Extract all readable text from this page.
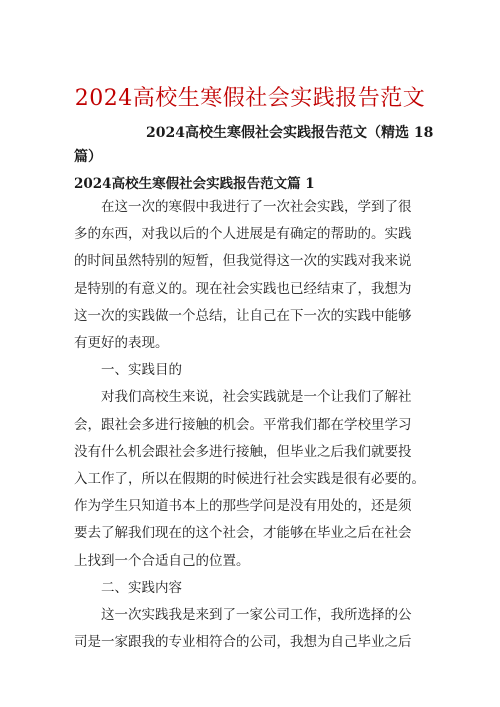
2024高校生寒假社会实践报告范文
2024高校生寒假社会实践报告范文（精选 18
篇）
2024高校生寒假社会实践报告范文篇 1
在这一次的寒假中我进行了一次社会实践，学到了很
多的东西，对我以后的个人进展是有确定的帮助的。实践
的时间虽然特别的短暂，但我觉得这一次的实践对我来说
是特别的有意义的。现在社会实践也已经结束了，我想为
这一次的实践做一个总结，让自己在下一次的实践中能够
有更好的表现。
一、实践目的
对我们高校生来说，社会实践就是一个让我们了解社
会，跟社会多进行接触的机会。平常我们都在学校里学习
没有什么机会跟社会多进行接触，但毕业之后我们就要投
入工作了，所以在假期的时候进行社会实践是很有必要的。
作为学生只知道书本上的那些学问是没有用处的，还是须
要去了解我们现在的这个社会，才能够在毕业之后在社会
上找到一个合适自己的位置。
二、实践内容
这一次实践我是来到了一家公司工作，我所选择的公
司是一家跟我的专业相符合的公司，我想为自己毕业之后
